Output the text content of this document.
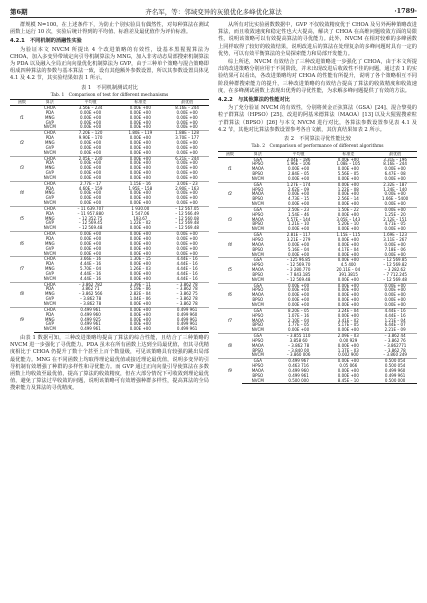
第6期	齐名军，等：邻域变异的灰狼优化多峰优化算法	·1789·

群规模 N=100。在上述条件下，为防止个别实验具有偶然性，对每种算法在测试函数上运行 10 次，实验后统计得到的平均值、标准差及最优值作为评价标准。

4.2.1　不同机制的消融性实验

为验证本文 NVCM 所提出 4 个改进策略的有效性，设基本黑猩猩算法为 CHOA，加入多变异带域定向引导机制算法为 MNG，加入非劣动态局部搜索机制算法为 PDA 以及融入全局正向向量优化机制算法为 GVP，由于三种单个策略与混合策略即组成四种算法的参数与基本算法一致，设有其他额外参数设置，所以其参数设置具体见 4.1 及 4.2 节，其实验结果如表 1 所示。

表 1　不同机制测试对比
Tab. 1　Comparison of test for different mechanisms
函数	算法	平均值	标准差	最优值
f1	CHOA	3.56E – 234	0.00E +00	8.16E – 244
	PDA	0.00E +00	0.00E +00	0.00E +00
	MNG	0.00E +00	0.00E +00	0.00E +00
	GVP	0.00E +00	0.00E +00	0.00E +00
	NVCM	0.00E +00	0.00E +00	0.00E +00
f2	CHOA	7.20E – 120	1.80E – 119	1.88E – 128
	PDA	9.90E – 170	0.00E +00	3.70E – 177
	MNG	0.00E +00	0.00E +00	0.00E +00
	GVP	0.00E +00	0.00E +00	0.00E +00
	NVCM	0.00E +00	0.00E +00	0.00E +00
f3	CHOA	2.05E – 230	0.00E +00	6.21E – 244
	PDA	0.00E +00	0.00E +00	0.00E +00
	MNG	0.00E +00	0.00E +00	0.00E +00
	GVP	0.00E +00	0.00E +00	0.00E +00
	NVCM	0.00E +00	0.00E +00	0.00E +00
f4	CHOA	2.77E – 17	1.15E – 16	3.00E – 23
	PDA	4.60E – 159	1.95E – 158	2.90E – 163
	MNG	0.00E +00	0.00E +00	0.00E +00
	GVP	0.00E +00	0.00E +00	0.00E +00
	NVCM	0.00E +00	0.00E +00	0.00E +00
f5	CHOA	– 11 639.707	1 930.00	– 12 567.05
	PDA	– 11 957.880	1 547.06	– 12 566.49
	MNG	– 12 352.75	193.67	– 12 560.08
	GVP	– 12 569.45	1.22E – 02	– 12 569.48
	NVCM	– 12 569.48	0.00E +00	– 12 569.48
f6	CHOA	0.00E +00	0.00E +00	0.00E +00
	PDA	0.00E +00	0.00E +00	0.00E +00
	MNG	0.00E +00	0.00E +00	0.00E +00
	GVP	0.00E +00	0.00E +00	0.00E +00
	NVCM	0.00E +00	0.00E +00	0.00E +00
f7	CHOA	3.66E – 16	1.30E – 15	4.44E – 16
	PDA	4.44E – 16	0.00E +00	4.44E – 16
	MNG	5.70E – 04	1.26E – 03	4.44E – 16
	GVP	4.44E – 16	0.00E +00	4.44E – 16
	NVCM	4.44E – 16	0.00E +00	4.44E – 16
f8	CHOA	– 3.862 782	3.39E – 11	– 3.862 78
	PDA	3.862 71	5.19E – 06	– 3.862 78
	MNG	– 3.862 566	2.82E – 04	– 3.862 75
	GVP	– 3.862 78	1.04E – 06	– 3.862 78
	NVCM	– 3.862 78	0.00E +00	– 3.862 78
f9	CHOA	0.499 961	0.00E +00	0.499 961
	PDA	0.499 960	0.00E +00	0.499 960
	MNG	0.499 925	0.00E +00	0.499 961
	GVP	0.499 961	0.00E +00	0.499 961
	NVCM	0.499 961	0.00E +00	0.499 961

由表 1 数据可知，三种改进策略均提高了算法的综合性能，且结合了三种策略的 NVCM 进一步强化了寻优能力。PDA 虽未在所有函数上达到全局最优值，但其寻优精度相比于 CHOA 仍提升了数十个甚至上百个数量级，可见该策略具有较强的跳出局部最优能力。MNG 在不同函数上均取得理论最优值或接近理论最优值，说明多变异的引导机制有效增强了种群的多样性和寻优能力。而 GVP 通过正向向量引导使算法在多数函数上均收敛至最优值，提高了算法的收敛精度，但在大部分情况下可收敛到理论最优值，避免了算法过早收敛的问题，说明该策略可有效增强种群多样性，提高算法的全局搜索能力及算法的寻优精度。

从所有对比实验函数数据中，GVP 不仅收敛精度优于 CHOA 及另外两种策略改进算法，而且收敛速度和稳定性也大大提高，解决了 CHOA 在高维问题收敛方面的局限性，说明该策略可以有效提高算法的寻优能力。此外，NVCM 在相对较难的多峰函数上同样取得了较好的收敛结果，说明改进后的算法在处理复杂的多峰问题时具有一定的优势，可以有效平衡算法的全局探索能力和局部开发能力。

综上所述，NVCM 有效结合了三种改进策略进一步强化了 CHOA，由于本文所提出的改进策略分别应用于不同阶段，并未出现改进后收敛性不佳的问题，通过表 1 的实验结果可以看出，各改进策略均对 CHOA 的性能有所提升，说明了各个策略相互不同阶段种群搜索能力的提升，三种改进策略的有效结合提高了算法的收敛精度和收敛速度，在多峰测试函数上表现出优秀的寻优性能，为求解多峰问题提供了有效的方法。

4.2.2　与其他算法的性能对比

为了充分验证 NVCM 的有效性，分别将黄金正弦算法（GSA）[24]、混合黎曼的粒子群算法（HPSO）[25]、改进的阿基米德算法（MAOA）[13] 以及大猩猩搜索粒子群算法（BPSO）[26] 与本文 NVCM 进行对比，各算法参数设置参见表 4.1 及 4.2 节，其他对比算法参数设置参考各自文献，其仿真结果如表 2 所示。

表 2　不同算法寻优性能比较
Tab. 2　Comparison of performance of different algorithms
函数	算法	平均值	标准差	最优值
f1	GSA	2.04E – 186	0.00E +00	3.31E – 196
	HPSO	1.96E – 106	1.08E – 105	8.16E – 244
	MAOA	0.00E +00	0.00E +00	0.00E +00
	BPSO	2.84E – 05	5.56E – 05	6.47E – 08
	NVCM	0.00E +00	0.00E +00	0.00E +00
f2	GSA	1.27E – 174	0.00E +00	2.32E – 187
	HPSO	2.62E – 09	1.22E – 08	1.24E – 140
	MAOA	0.00E +00	0.00E +00	0.00E +00
	BPSO	4.73E – 15	2.56E – 14	1.66E – 5400
	NVCM	0.00E +00	0.00E +00	0.00E +00
f3	GSA	2.50E – 23	1.50E – 22	0.00E +00
	HPSO	1.54E – 46	0.00E +00	1.25E – 20
	MAOA	5.57E – 144	3.05E – 143	2.12E – 151
	BPSO	1.21E – 10	5.20E – 10	4.71E – 05
	NVCM	0.00E +00	0.00E +00	0.00E +00
f4	GSA	2.81E – 117	1.15E – 115	1.69E – 123
	HPSO	3.21E – 279	0.00E +00	3.11E – 267
	MAOA	0.00E +00	0.00E +00	0.00E +00
	BPSO	5.16E – 04	4.17E – 04	7.18E – 06
	NVCM	0.00E +00	0.00E +00	0.00E +00
f5	GSA	– 125 96.85	0.00E +00	– 12 569.85
	HPSO	– 12 569.70	4.5 400	– 12 569.82
	MAOA	– 3 280.770	20.11E – 04	– 3 282.62
	BPSO	– 7 843.185	391.3815	– 7 712.245
	NVCM	– 12 569.48	0.00E +00	– 12 569.48
f6	GSA	0.00E +00	0.00E +00	0.00E +00
	HPSO	0.00E +00	0.00E +00	0.00E +00
	MAOA	0.00E +00	0.00E +00	0.00E +00
	BPSO	0.00E +00	0.00E +00	0.00E +00
	NVCM	0.00E +00	0.00E +00	0.00E +00
f7	GSA	8.20E – 05	3.24E – 04	4.44E – 16
	HPSO	1.07E – 16	0.00E +00	4.44E – 16
	MAOA	2.10E – 04	3.41E – 02	1.21E – 04
	BPSO	1.77E – 05	5.17E – 05	6.44E – 07
	NVCM	0.00E +00	0.00E +00	2.21E – 09
f8	GSA	– 3.855 110	2.09E – 03	– 3.862 44
	HPSO	3.858 60	0.00 929	– 3.862 76
	MAOA	– 3.862 78	0.00E +00	– 3.862771
	BPSO	– 3.840 00	1.37E – 03	– 3.862 78
	NVCM	– 3.860 006	0.002 900	– 3.860 249
f9	GSA	0.499 967	0.00E +00	0.500 054
	HPSO	0.463 716	0.05 066	0.500 054
	MAOA	0.499 960	0.00E +00	0.499 960
	BPSO	0.499 961	0.00E +00	0.499 961
	NVCM	0.500 000	8.45E – 10	0.500 000
